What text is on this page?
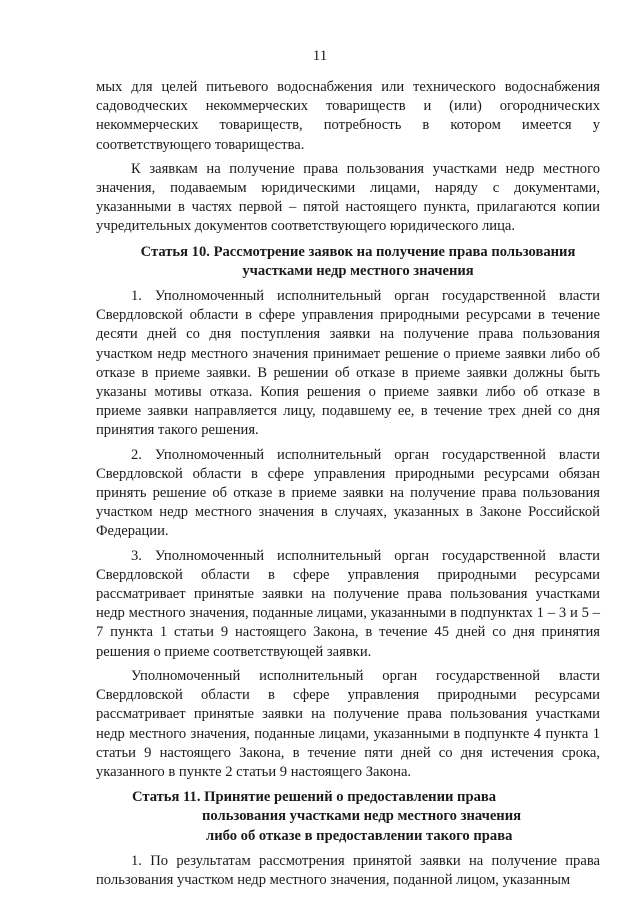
11

мых для целей питьевого водоснабжения или технического водоснабжения садоводческих некоммерческих товариществ и (или) огороднических некоммерческих товариществ, потребность в котором имеется у соответствующего товарищества.

К заявкам на получение права пользования участками недр местного значения, подаваемым юридическими лицами, наряду с документами, указанными в частях первой – пятой настоящего пункта, прилагаются копии учредительных документов соответствующего юридического лица.

Статья 10. Рассмотрение заявок на получение права пользования
участками недр местного значения

1. Уполномоченный исполнительный орган государственной власти Свердловской области в сфере управления природными ресурсами в течение десяти дней со дня поступления заявки на получение права пользования участком недр местного значения принимает решение о приеме заявки либо об отказе в приеме заявки. В решении об отказе в приеме заявки должны быть указаны мотивы отказа. Копия решения о приеме заявки либо об отказе в приеме заявки направляется лицу, подавшему ее, в течение трех дней со дня принятия такого решения.

2. Уполномоченный исполнительный орган государственной власти Свердловской области в сфере управления природными ресурсами обязан принять решение об отказе в приеме заявки на получение права пользования участком недр местного значения в случаях, указанных в Законе Российской Федерации.

3. Уполномоченный исполнительный орган государственной власти Свердловской области в сфере управления природными ресурсами рассматривает принятые заявки на получение права пользования участками недр местного значения, поданные лицами, указанными в подпунктах 1 – 3 и 5 – 7 пункта 1 статьи 9 настоящего Закона, в течение 45 дней со дня принятия решения о приеме соответствующей заявки.

Уполномоченный исполнительный орган государственной власти Свердловской области в сфере управления природными ресурсами рассматривает принятые заявки на получение права пользования участками недр местного значения, поданные лицами, указанными в подпункте 4 пункта 1 статьи 9 настоящего Закона, в течение пяти дней со дня истечения срока, указанного в пункте 2 статьи 9 настоящего Закона.

Статья 11. Принятие решений о предоставлении права
пользования участками недр местного значения
либо об отказе в предоставлении такого права

1. По результатам рассмотрения принятой заявки на получение права пользования участком недр местного значения, поданной лицом, указанным
